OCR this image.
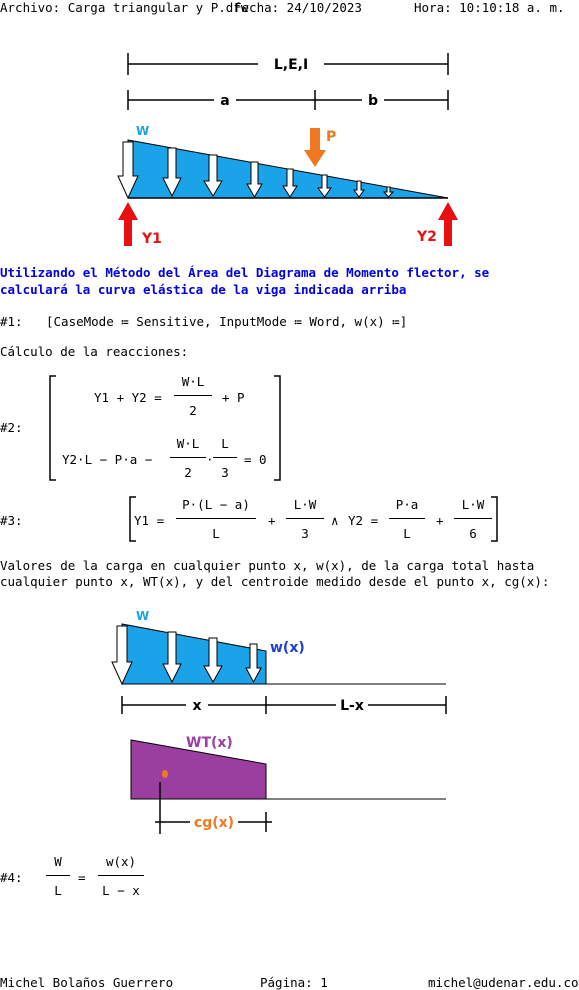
Archivo: Carga triangular y P.dfw
Fecha: 24/10/2023	Hora: 10:10:18 a. m.
L,E,I
a	b
W	P
Y1	Y2
Utilizando el Método del Área del Diagrama de Momento flector, se
calculará la curva elástica de la viga indicada arriba
#1: [CaseMode ≔ Sensitive, InputMode ≔ Word, w(x) ≔]
Cálculo de la reacciones:
#2:
Y1 + Y2 =
W·L
2
+ P
Y2·L − P·a −
W·L
2
·
L
3
= 0
#3:	Y1 =
P·(L − a)
L
+
L·W
3
∧ Y2 =
P·a
L
+
L·W
6
Valores de la carga en cualquier punto x, w(x), de la carga total hasta
cualquier punto x, WT(x), y del centroide medido desde el punto x, cg(x):
W
w(x)
x	L-x
WT(x)
cg(x)
#4:
W
L
=
w(x)
L − x
Michel Bolaños Guerrero	Página: 1	michel@udenar.edu.co
